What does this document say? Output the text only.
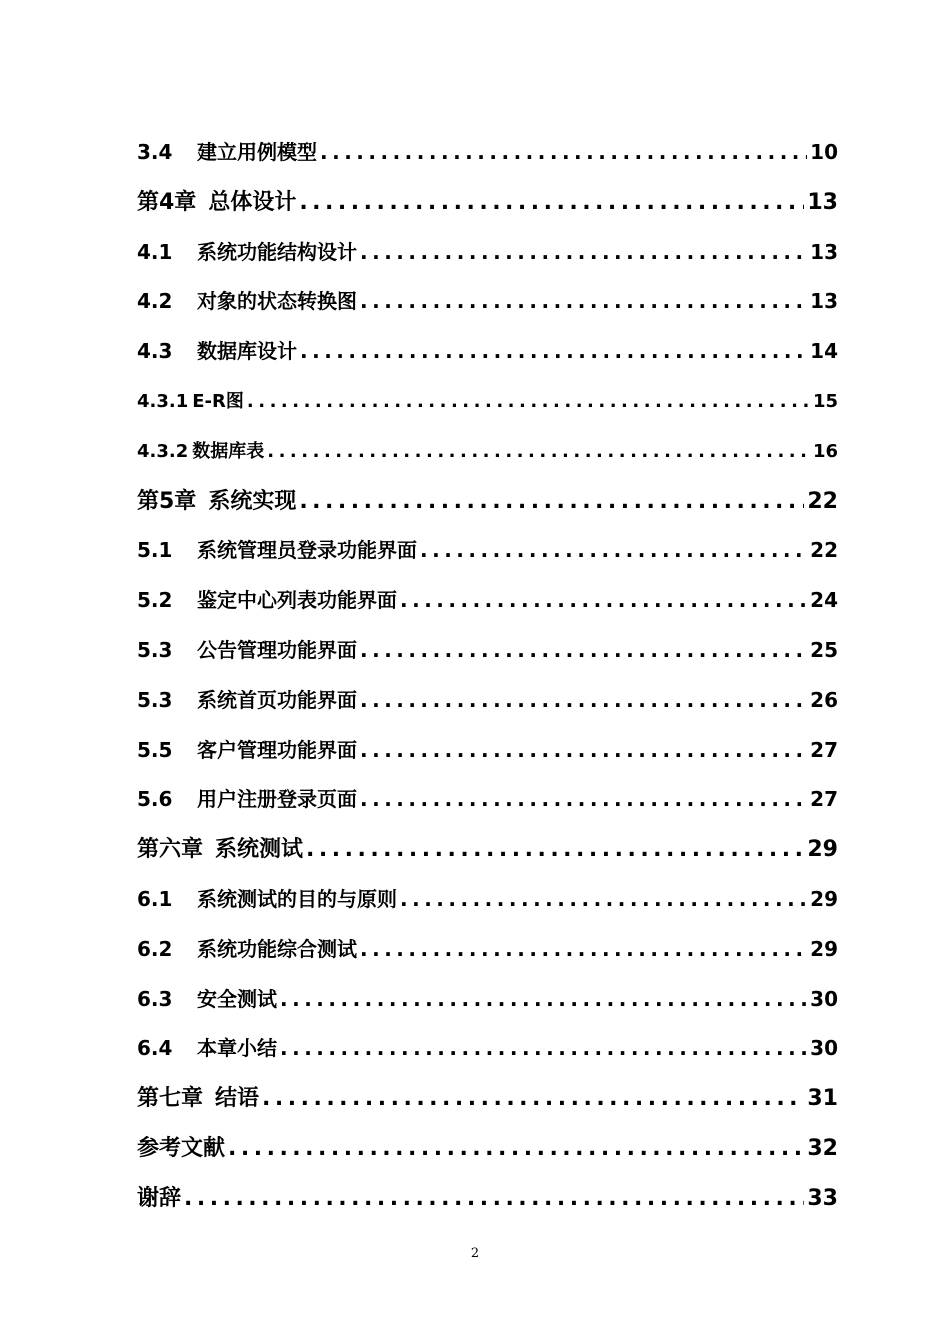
3.4	建立用例模型 .....	10
第4章 总体设计 .....	13
4.1	系统功能结构设计 .....	13
4.2	对象的状态转换图 .....	13
4.3	数据库设计 .....	14
4.3.1 E-R图 .....	15
4.3.2 数据库表 .....	16
第5章 系统实现 .....	22
5.1	系统管理员登录功能界面 .....	22
5.2	鉴定中心列表功能界面 .....	24
5.3	公告管理功能界面 .....	25
5.3	系统首页功能界面 .....	26
5.5	客户管理功能界面 .....	27
5.6	用户注册登录页面 .....	27
第六章 系统测试 .....	29
6.1	系统测试的目的与原则 .....	29
6.2	系统功能综合测试 .....	29
6.3	安全测试 .....	30
6.4	本章小结 .....	30
第七章 结语 .....	31
参考文献 .....	32
谢辞 .....	33
2
